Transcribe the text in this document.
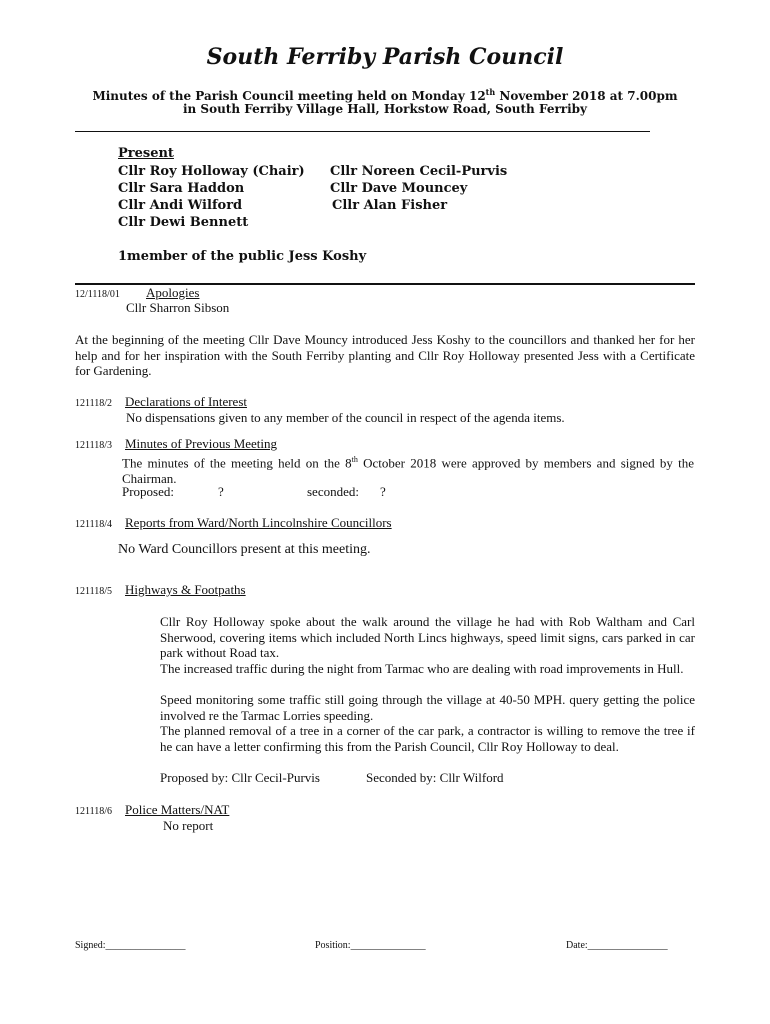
South Ferriby Parish Council
Minutes of the Parish Council meeting held on Monday 12th November 2018 at 7.00pm
in South Ferriby Village Hall, Horkstow Road, South Ferriby
Present
Cllr Roy Holloway (Chair)
Cllr Sara Haddon
Cllr Andi Wilford
Cllr Dewi Bennett
Cllr Noreen Cecil-Purvis
Cllr Dave Mouncey
Cllr Alan Fisher
1member of the public Jess Koshy
12/1118/01 Apologies
Cllr Sharron Sibson
At the beginning of the meeting Cllr Dave Mouncy introduced Jess Koshy to the councillors and thanked her for her help and for her inspiration with the South Ferriby planting and Cllr Roy Holloway presented Jess with a Certificate for Gardening.
121118/2 Declarations of Interest
No dispensations given to any member of the council in respect of the agenda items.
121118/3 Minutes of Previous Meeting
The minutes of the meeting held on the 8th October 2018 were approved by members and signed by the Chairman.
Proposed:	?	seconded: ?
121118/4 Reports from Ward/North Lincolnshire Councillors
No Ward Councillors present at this meeting.
121118/5 Highways & Footpaths
Cllr Roy Holloway spoke about the walk around the village he had with Rob Waltham and Carl Sherwood, covering items which included North Lincs highways, speed limit signs, cars parked in car park without Road tax.
The increased traffic during the night from Tarmac who are dealing with road improvements in Hull.
Speed monitoring some traffic still going through the village at 40-50 MPH. query getting the police involved re the Tarmac Lorries speeding.
The planned removal of a tree in a corner of the car park, a contractor is willing to remove the tree if he can have a letter confirming this from the Parish Council, Cllr Roy Holloway to deal.
Proposed by: Cllr Cecil-Purvis	Seconded by: Cllr Wilford
121118/6 Police Matters/NAT
No report
Signed:________________	Position:_______________	Date:________________
